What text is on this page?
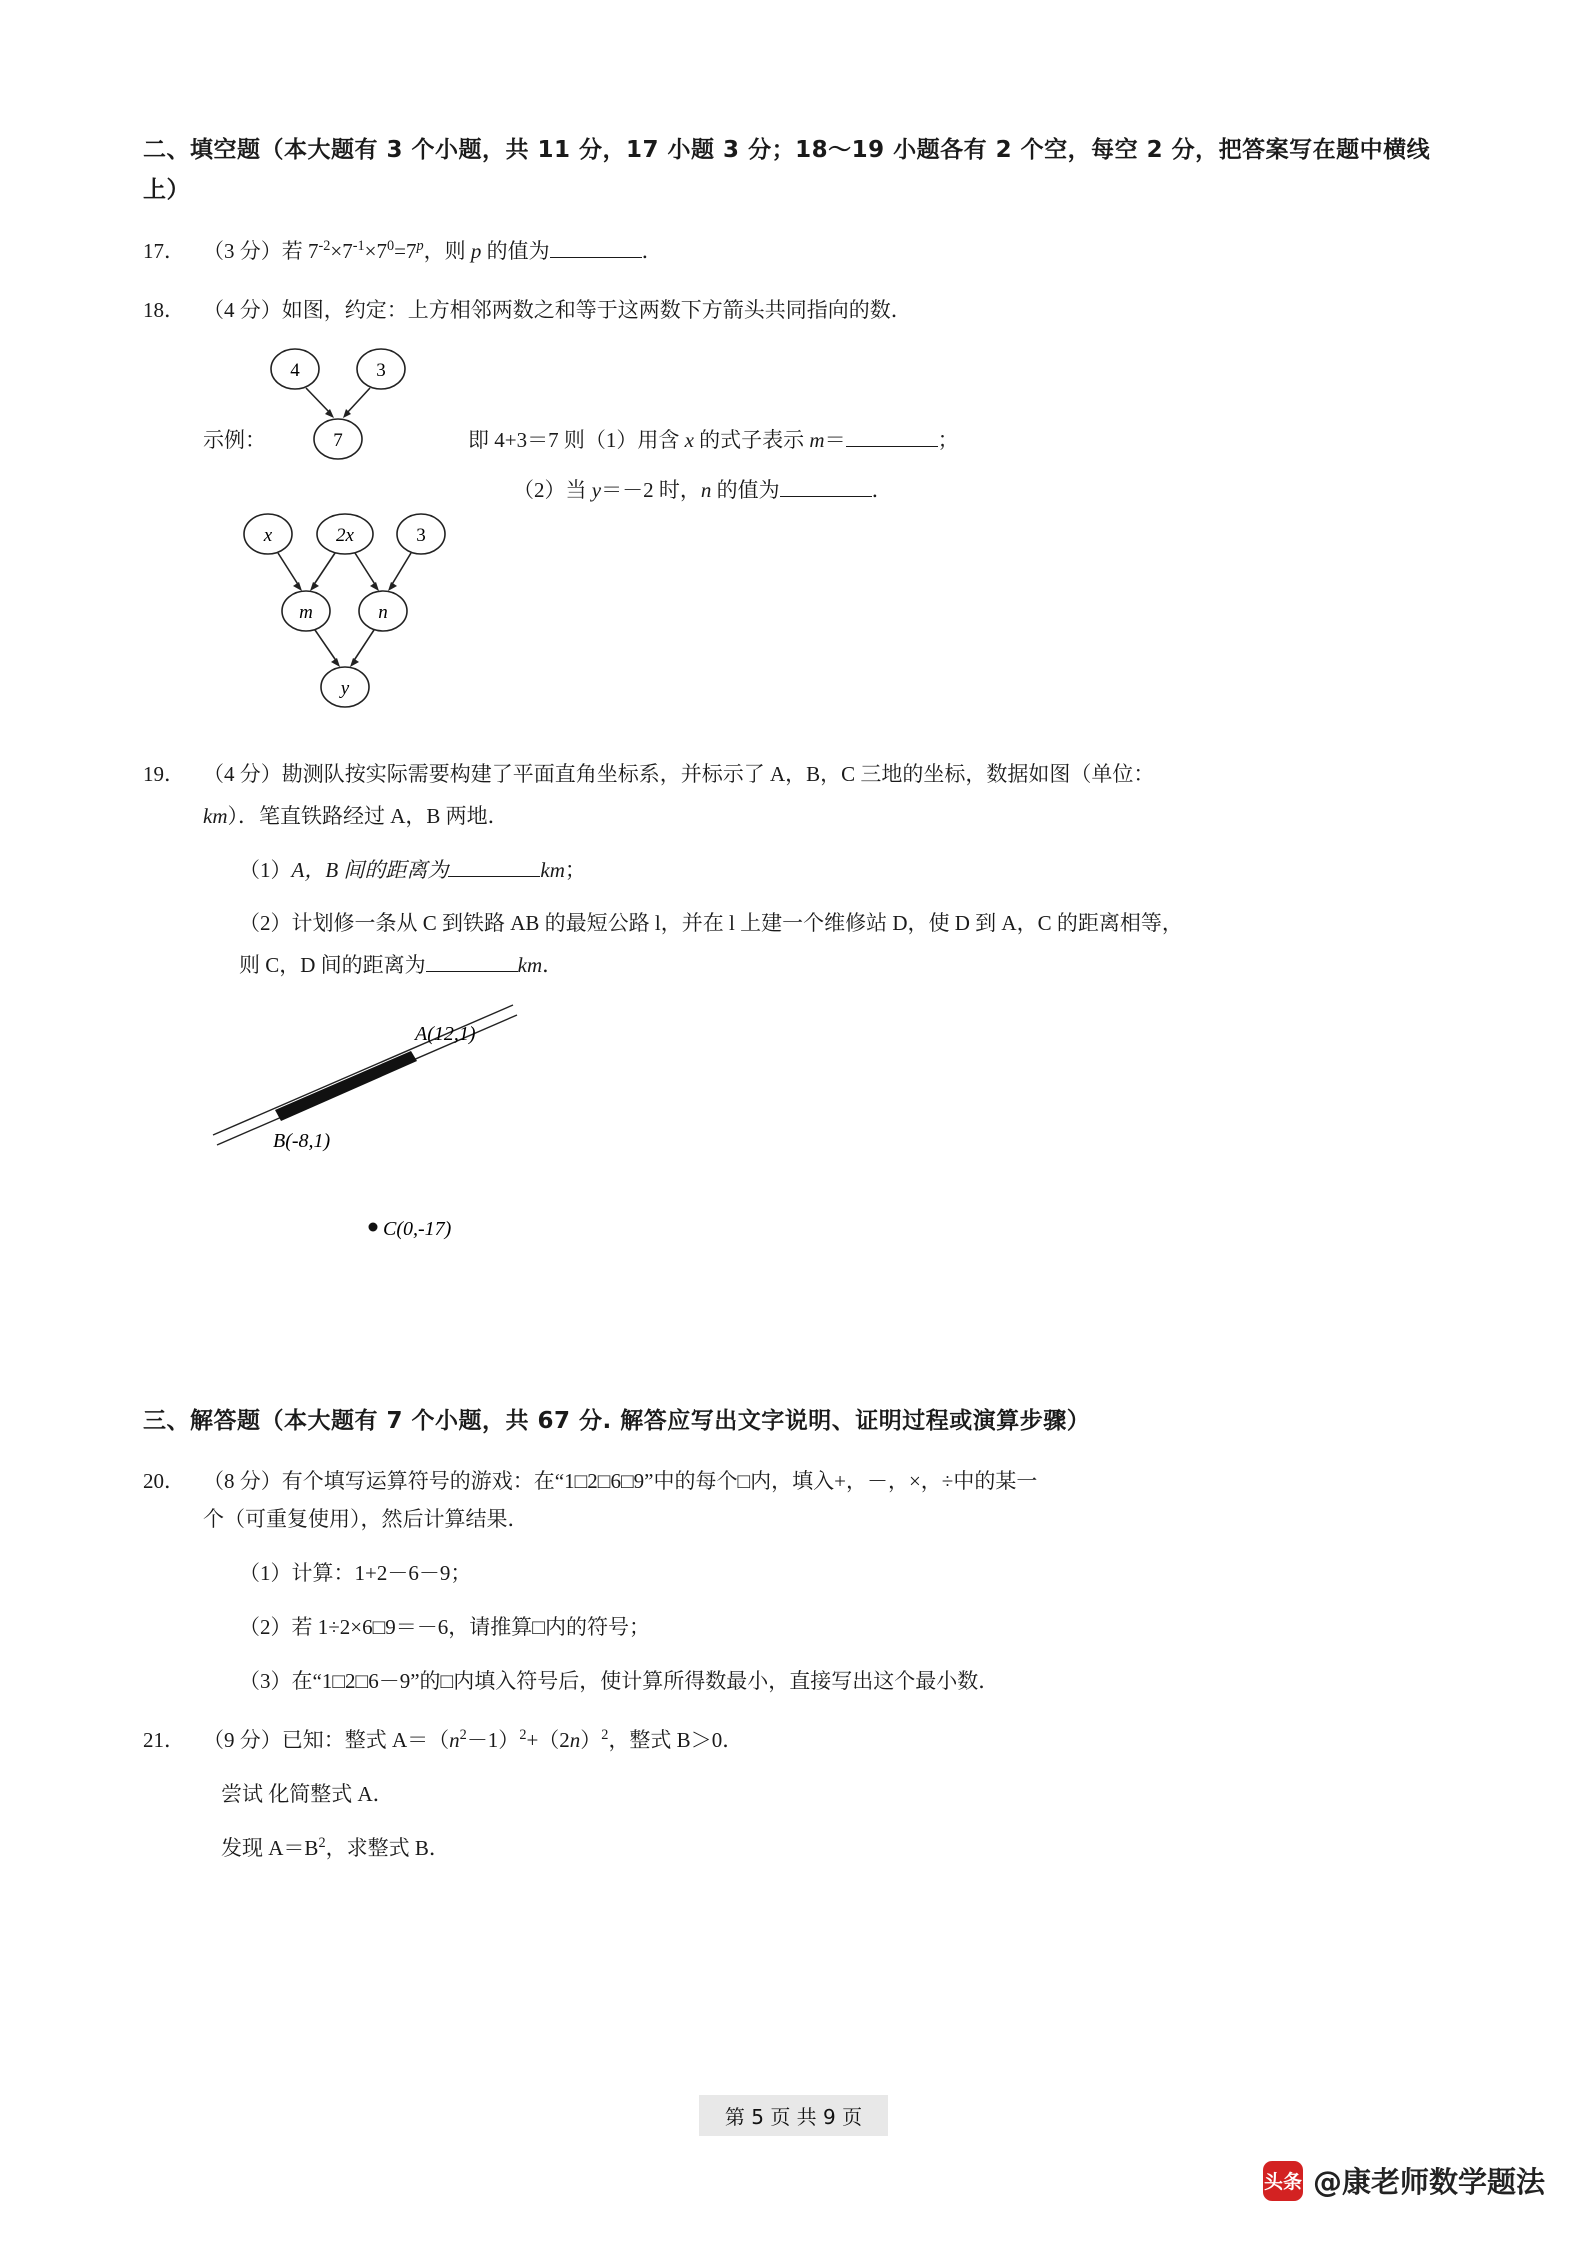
二、填空题（本大题有 3 个小题，共 11 分，17 小题 3 分；18～19 小题各有 2 个空，每空 2 分，把答案写在题中横线上）
17． （3 分）若 $7^{-2}\times 7^{-1}\times 7^0=7^p$，则 p 的值为	．
18． （4 分）如图，约定：上方相邻两数之和等于这两数下方箭头共同指向的数．
4	3
7
示例：	即 4+3＝7 则（1）用含 x 的式子表示 m＝	；
（2）当 y＝－2 时，n 的值为	．
x	2x	3
m	n
y
19． （4 分）勘测队按实际需要构建了平面直角坐标系，并标示了 A，B，C 三地的坐标，数据如图（单位：
km）．笔直铁路经过 A，B 两地．
（1）A，B 间的距离为	km；
（2）计划修一条从 C 到铁路 AB 的最短公路 l，并在 l 上建一个维修站 D，使 D 到 A，C 的距离相等，
则 C，D 间的距离为	km．
A(12,1)
B(-8,1)
C(0,-17)
三、解答题（本大题有 7 个小题，共 67 分. 解答应写出文字说明、证明过程或演算步骤）
20． （8 分）有个填写运算符号的游戏：在“1□2□6□9”中的每个□内，填入+，－，×，÷中的某一
个（可重复使用），然后计算结果．
（1）计算：1+2－6－9；
（2）若 1÷2×6□9＝－6，请推算□内的符号；
（3）在“1□2□6－9”的□内填入符号后，使计算所得数最小，直接写出这个最小数．
21． （9 分）已知：整式 $A=(n^2-1)^2+(2n)^2$，整式 B＞0．
尝试 化简整式 A．
发现 $A=B^2$，求整式 B．
第 5 页 共 9 页
头条 @康老师数学题法
